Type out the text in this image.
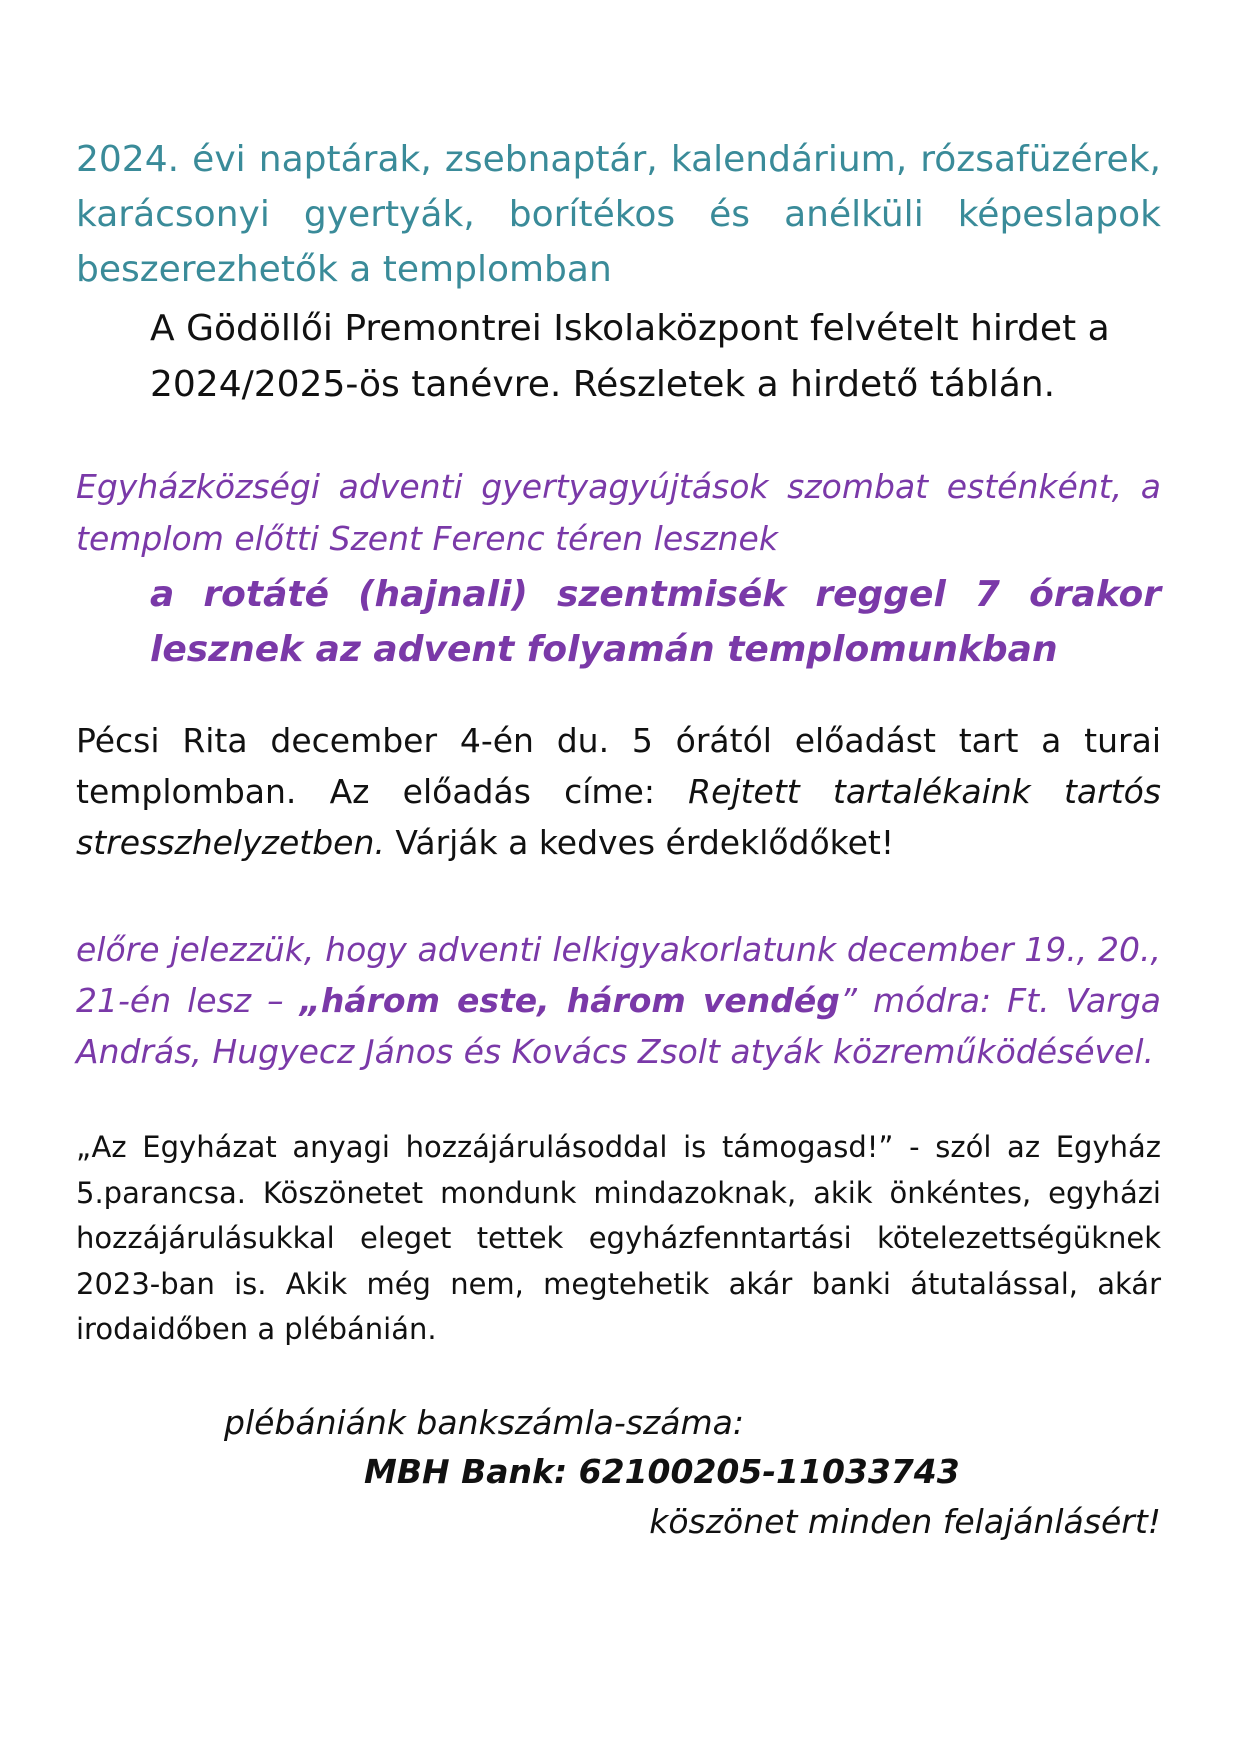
2024. évi naptárak, zsebnaptár, kalendárium, rózsafüzérek, karácsonyi gyertyák, borítékos és anélküli képeslapok beszerezhetők a templomban

A Gödöllői Premontrei Iskolaközpont felvételt hirdet a 2024/2025-ös tanévre. Részletek a hirdető táblán.

Egyházközségi adventi gyertyagyújtások szombat esténként, a templom előtti Szent Ferenc téren lesznek

a rotáté (hajnali) szentmisék reggel 7 órakor lesznek az advent folyamán templomunkban

Pécsi Rita december 4-én du. 5 órától előadást tart a turai templomban. Az előadás címe: Rejtett tartalékaink tartós stresszhelyzetben. Várják a kedves érdeklődőket!

előre jelezzük, hogy adventi lelkigyakorlatunk december 19., 20., 21-én lesz – „három este, három vendég” módra: Ft. Varga András, Hugyecz János és Kovács Zsolt atyák közreműködésével.

„Az Egyházat anyagi hozzájárulásoddal is támogasd!” - szól az Egyház 5.parancsa. Köszönetet mondunk mindazoknak, akik önkéntes, egyházi hozzájárulásukkal eleget tettek egyházfenntartási kötelezettségüknek 2023-ban is. Akik még nem, megtehetik akár banki átutalással, akár irodaidőben a plébánián.

plébániánk bankszámla-száma:

MBH Bank: 62100205-11033743

köszönet minden felajánlásért!
